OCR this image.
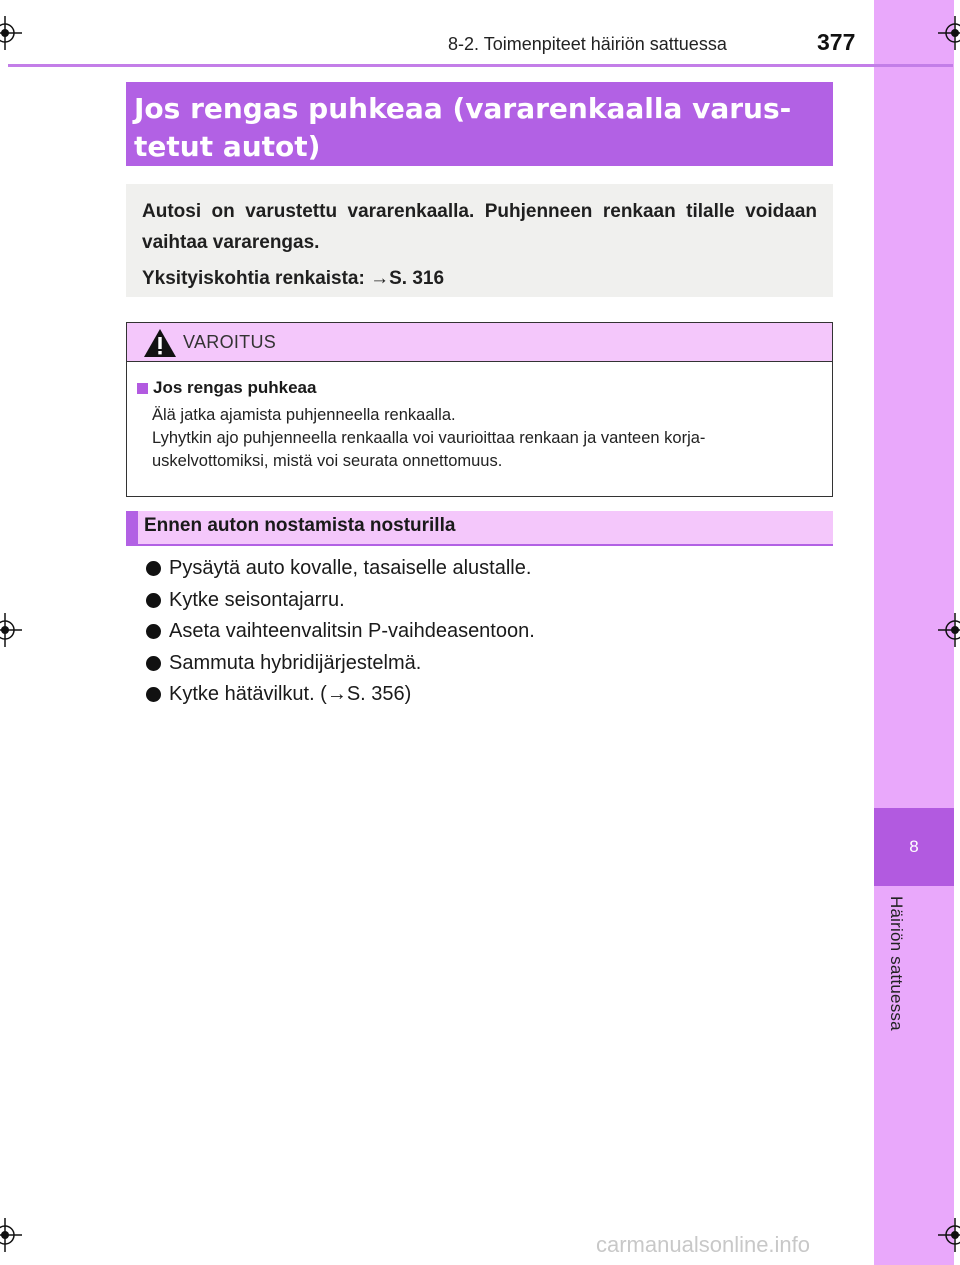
8
Häiriön sattuessa
8-2. Toimenpiteet häiriön sattuessa	377
Jos rengas puhkeaa (vararenkaalla varus-
tetut autot)

Autosi on varustettu vararenkaalla. Puhjenneen renkaan tilalle voidaan vaihtaa vararengas.

Yksityiskohtia renkaista: →S. 316

VAROITUS
Jos rengas puhkeaa
Älä jatka ajamista puhjenneella renkaalla.
Lyhytkin ajo puhjenneella renkaalla voi vaurioittaa renkaan ja vanteen korja-uskelvottomiksi, mistä voi seurata onnettomuus.
Ennen auton nostamista nosturilla
Pysäytä auto kovalle, tasaiselle alustalle.
Kytke seisontajarru.
Aseta vaihteenvalitsin P-vaihdeasentoon.
Sammuta hybridijärjestelmä.
Kytke hätävilkut. (→S. 356)
carmanualsonline.info
